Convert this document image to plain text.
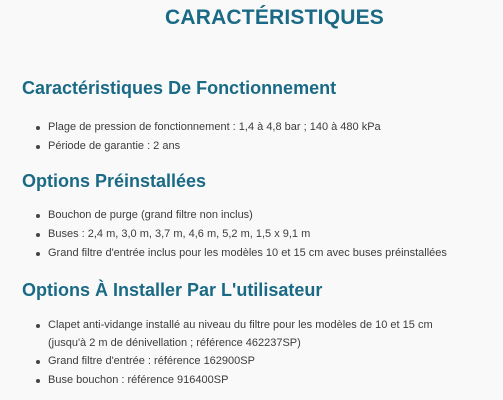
CARACTÉRISTIQUES
Caractéristiques De Fonctionnement
Plage de pression de fonctionnement : 1,4 à 4,8 bar ; 140 à 480 kPa
Période de garantie : 2 ans
Options Préinstallées
Bouchon de purge (grand filtre non inclus)
Buses : 2,4 m, 3,0 m, 3,7 m, 4,6 m, 5,2 m, 1,5 x 9,1 m
Grand filtre d'entrée inclus pour les modèles 10 et 15 cm avec buses préinstallées
Options À Installer Par L'utilisateur
Clapet anti-vidange installé au niveau du filtre pour les modèles de 10 et 15 cm (jusqu'à 2 m de dénivellation ; référence 462237SP)
Grand filtre d'entrée : référence 162900SP
Buse bouchon : référence 916400SP
